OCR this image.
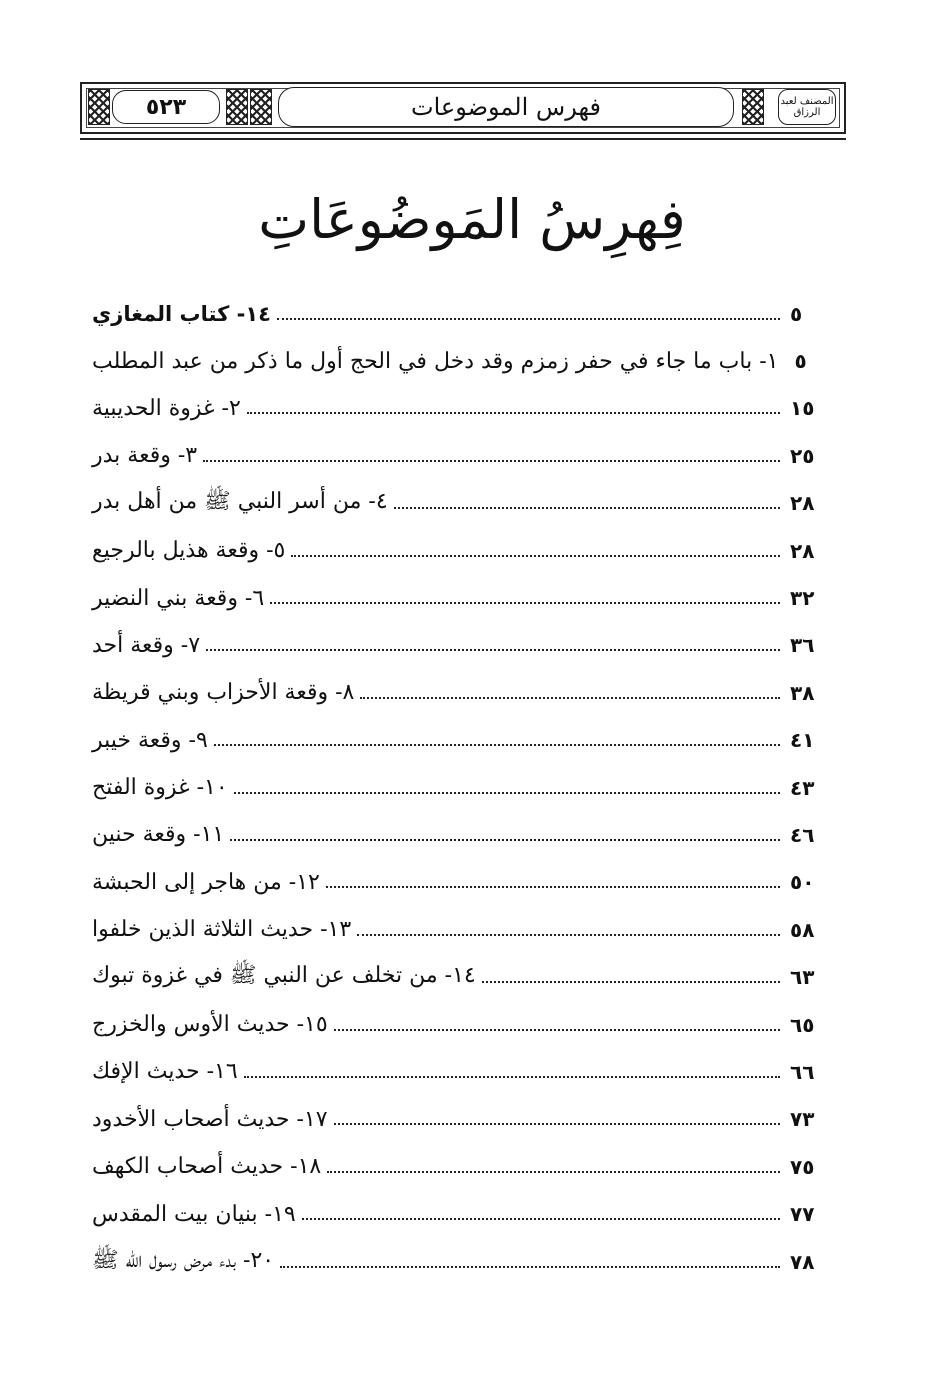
٥٢٣	فهرس الموضوعات	المصنف لعبد الرزاق
فِهرِسُ المَوضُوعَاتِ
١٤- كتاب المغازي	٥
١- باب ما جاء في حفر زمزم وقد دخل في الحج أول ما ذكر من عبد المطلب ٥
٢- غزوة الحديبية	١٥
٣- وقعة بدر	٢٥
٤- من أسر النبي ﷺ من أهل بدر	٢٨
٥- وقعة هذيل بالرجيع	٢٨
٦- وقعة بني النضير	٣٢
٧- وقعة أحد	٣٦
٨- وقعة الأحزاب وبني قريظة	٣٨
٩- وقعة خيبر	٤١
١٠- غزوة الفتح	٤٣
١١- وقعة حنين	٤٦
١٢- من هاجر إلى الحبشة	٥٠
١٣- حديث الثلاثة الذين خلفوا	٥٨
١٤- من تخلف عن النبي ﷺ في غزوة تبوك	٦٣
١٥- حديث الأوس والخزرج	٦٥
١٦- حديث الإفك	٦٦
١٧- حديث أصحاب الأخدود	٧٣
١٨- حديث أصحاب الكهف	٧٥
١٩- بنيان بيت المقدس	٧٧
٢٠- بدء مرض رسول الله ﷺ	٧٨
